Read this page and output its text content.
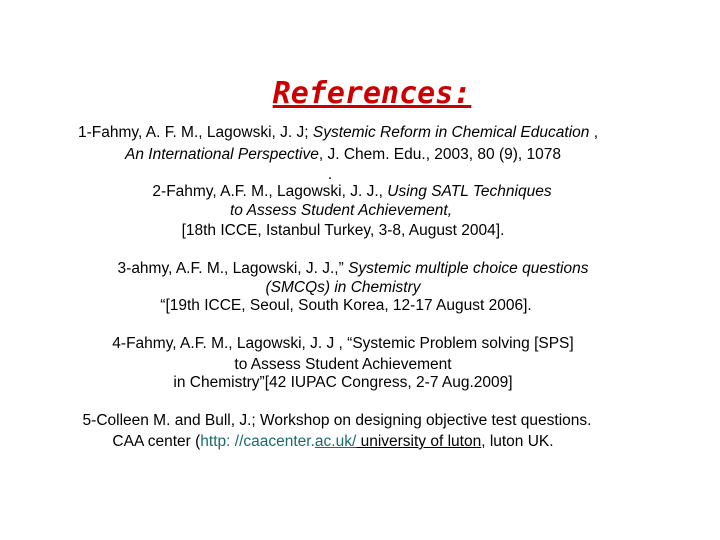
References:
1-Fahmy, A. F. M., Lagowski, J. J; Systemic Reform in Chemical Education ,
An International Perspective, J. Chem. Edu., 2003, 80 (9), 1078
.
2-Fahmy, A.F. M., Lagowski, J. J., Using SATL Techniques
to Assess Student Achievement,
[18th ICCE, Istanbul Turkey, 3-8, August 2004].
3-ahmy, A.F. M., Lagowski, J. J.,” Systemic multiple choice questions
(SMCQs) in Chemistry
“[19th ICCE, Seoul, South Korea, 12-17 August 2006].
4-Fahmy, A.F. M., Lagowski, J. J , “Systemic Problem solving [SPS]
to Assess Student Achievement
in Chemistry”[42 IUPAC Congress, 2-7 Aug.2009]
5-Colleen M. and Bull, J.; Workshop on designing objective test questions.
CAA center (http: //caacenter.ac.uk/ university of luton, luton UK.
